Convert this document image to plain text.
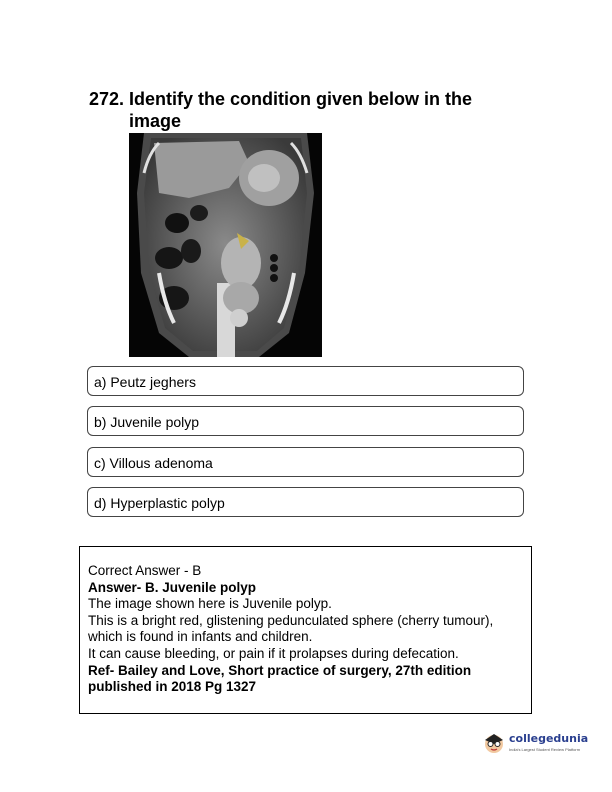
272. Identify the condition given below in the image
a) Peutz jeghers
b) Juvenile polyp
c) Villous adenoma
d) Hyperplastic polyp
Correct Answer - B
Answer- B. Juvenile polyp
The image shown here is Juvenile polyp.
This is a bright red, glistening pedunculated sphere (cherry tumour), which is found in infants and children.
It can cause bleeding, or pain if it prolapses during defecation.
Ref- Bailey and Love, Short practice of surgery, 27th edition published in 2018 Pg 1327
collegedunia
India's Largest Student Review Platform
